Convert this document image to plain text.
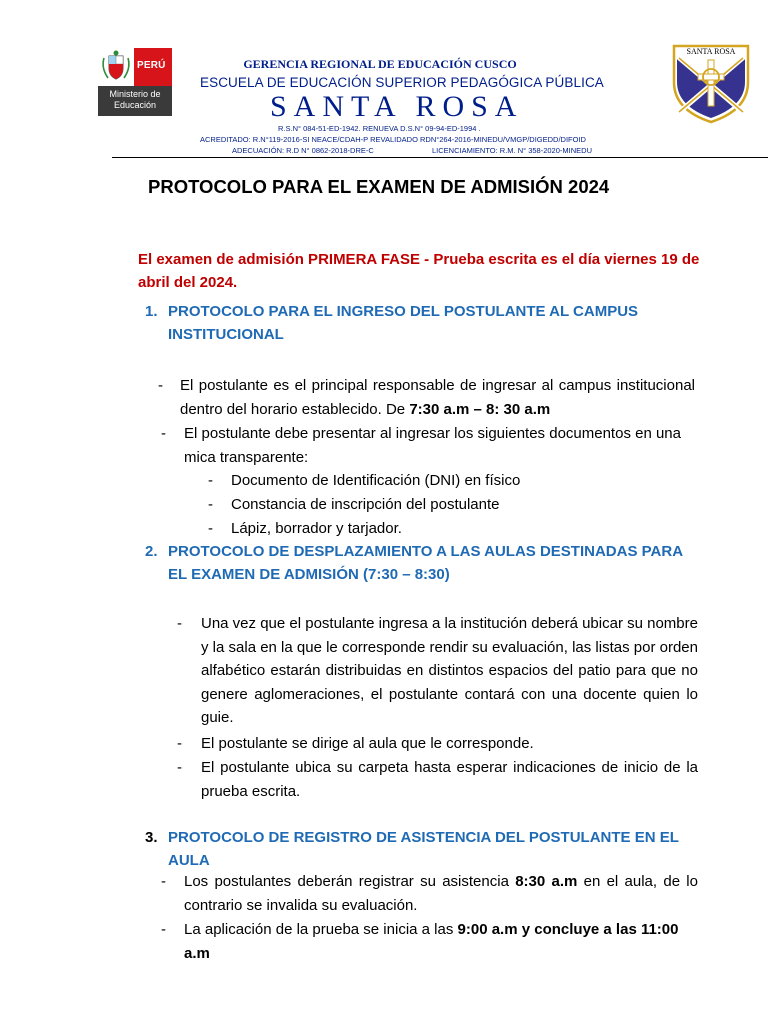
PERÚ
Ministerio de
Educación
GERENCIA REGIONAL DE EDUCACIÓN CUSCO
ESCUELA DE EDUCACIÓN SUPERIOR PEDAGÓGICA PÚBLICA
SANTA ROSA
R.S.N° 084-51-ED-1942. RENUEVA D.S.N° 09-94-ED-1994 .
ACREDITADO: R.N°119-2016-SI NEACE/CDAH-P REVALIDADO RDN°264-2016-MINEDU/VMGP/DIGEDD/DIFOID
ADECUACIÓN: R.D N° 0862-2018-DRE-C	LICENCIAMIENTO: R.M. N° 358-2020-MINEDU
SANTA ROSA
PROTOCOLO PARA EL EXAMEN DE ADMISIÓN 2024
El examen de admisión PRIMERA FASE - Prueba escrita es el día viernes 19 de abril del 2024.
1. PROTOCOLO PARA EL INGRESO DEL POSTULANTE AL CAMPUS INSTITUCIONAL
- El postulante es el principal responsable de ingresar al campus institucional dentro del horario establecido. De 7:30 a.m – 8: 30 a.m
- El postulante debe presentar al ingresar los siguientes documentos en una mica transparente:
- Documento de Identificación (DNI) en físico
- Constancia de inscripción del postulante
- Lápiz, borrador y tarjador.
2. PROTOCOLO DE DESPLAZAMIENTO A LAS AULAS DESTINADAS PARA EL EXAMEN DE ADMISIÓN (7:30 – 8:30)
- Una vez que el postulante ingresa a la institución deberá ubicar su nombre y la sala en la que le corresponde rendir su evaluación, las listas por orden alfabético estarán distribuidas en distintos espacios del patio para que no genere aglomeraciones, el postulante contará con una docente quien lo guie.
- El postulante se dirige al aula que le corresponde.
- El postulante ubica su carpeta hasta esperar indicaciones de inicio de la prueba escrita.
3. PROTOCOLO DE REGISTRO DE ASISTENCIA DEL POSTULANTE EN EL AULA
- Los postulantes deberán registrar su asistencia 8:30 a.m en el aula, de lo contrario se invalida su evaluación.
- La aplicación de la prueba se inicia a las 9:00 a.m y concluye a las 11:00 a.m
